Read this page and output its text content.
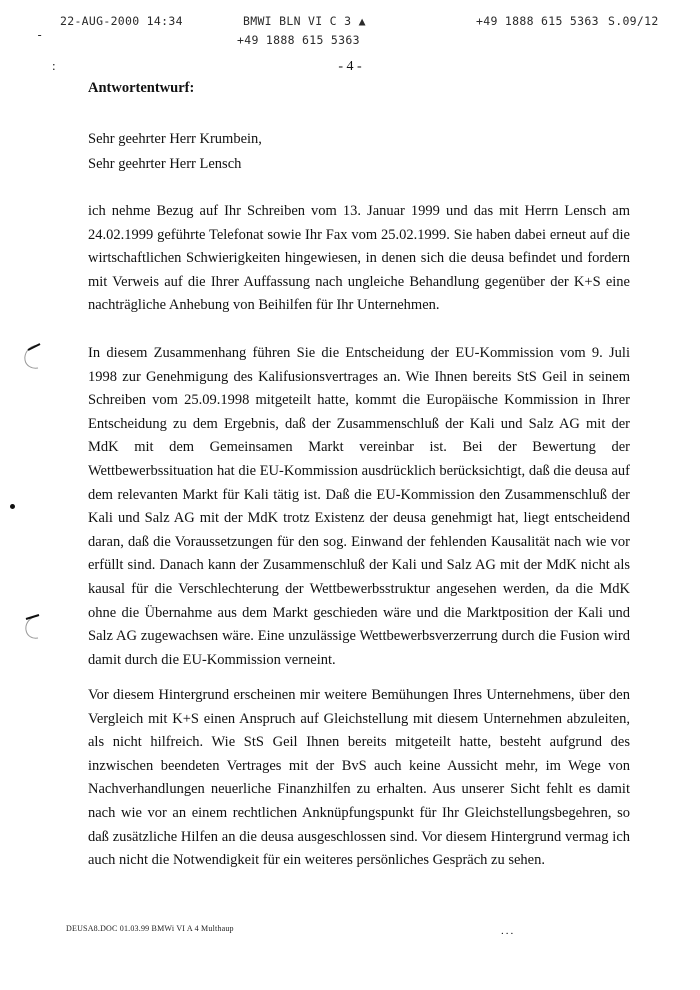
-
22-AUG-2000 14:34	BMWI BLN VI C 3 ▲
+49 1888 615 5363
+49 1888 615 5363 S.09/12
:	- 4 -
Antwortentwurf:
Sehr geehrter Herr Krumbein,
Sehr geehrter Herr Lensch
ich nehme Bezug auf Ihr Schreiben vom 13. Januar 1999 und das mit Herrn Lensch am 24.02.1999 geführte Telefonat sowie Ihr Fax vom 25.02.1999. Sie haben dabei erneut auf die wirtschaftlichen Schwierigkeiten hingewiesen, in denen sich die deusa befindet und fordern mit Verweis auf die Ihrer Auffassung nach ungleiche Behandlung gegenüber der K+S eine nachträgliche Anhebung von Beihilfen für Ihr Unternehmen.
In diesem Zusammenhang führen Sie die Entscheidung der EU-Kommission vom 9. Juli 1998 zur Genehmigung des Kalifusionsvertrages an. Wie Ihnen bereits StS Geil in seinem Schreiben vom 25.09.1998 mitgeteilt hatte, kommt die Europäische Kommission in Ihrer Entscheidung zu dem Ergebnis, daß der Zusammenschluß der Kali und Salz AG mit der MdK mit dem Gemeinsamen Markt vereinbar ist. Bei der Bewertung der Wettbewerbssituation hat die EU-Kommission ausdrücklich berücksichtigt, daß die deusa auf dem relevanten Markt für Kali tätig ist. Daß die EU-Kommission den Zusammenschluß der Kali und Salz AG mit der MdK trotz Existenz der deusa genehmigt hat, liegt entscheidend daran, daß die Voraussetzungen für den sog. Einwand der fehlenden Kausalität nach wie vor erfüllt sind. Danach kann der Zusammenschluß der Kali und Salz AG mit der MdK nicht als kausal für die Verschlechterung der Wettbewerbsstruktur angesehen werden, da die MdK ohne die Übernahme aus dem Markt geschieden wäre und die Marktposition der Kali und Salz AG zugewachsen wäre. Eine unzulässige Wettbewerbsverzerrung durch die Fusion wird damit durch die EU-Kommission verneint.
Vor diesem Hintergrund erscheinen mir weitere Bemühungen Ihres Unternehmens, über den Vergleich mit K+S einen Anspruch auf Gleichstellung mit diesem Unternehmen abzuleiten, als nicht hilfreich. Wie StS Geil Ihnen bereits mitgeteilt hatte, besteht aufgrund des inzwischen beendeten Vertrages mit der BvS auch keine Aussicht mehr, im Wege von Nachverhandlungen neuerliche Finanzhilfen zu erhalten. Aus unserer Sicht fehlt es damit nach wie vor an einem rechtlichen Anknüpfungspunkt für Ihr Gleichstellungsbegehren, so daß zusätzliche Hilfen an die deusa ausgeschlossen sind. Vor diesem Hintergrund vermag ich auch nicht die Notwendigkeit für ein weiteres persönliches Gespräch zu sehen.
DEUSA8.DOC 01.03.99 BMWi VI A 4 Multhaup	...
